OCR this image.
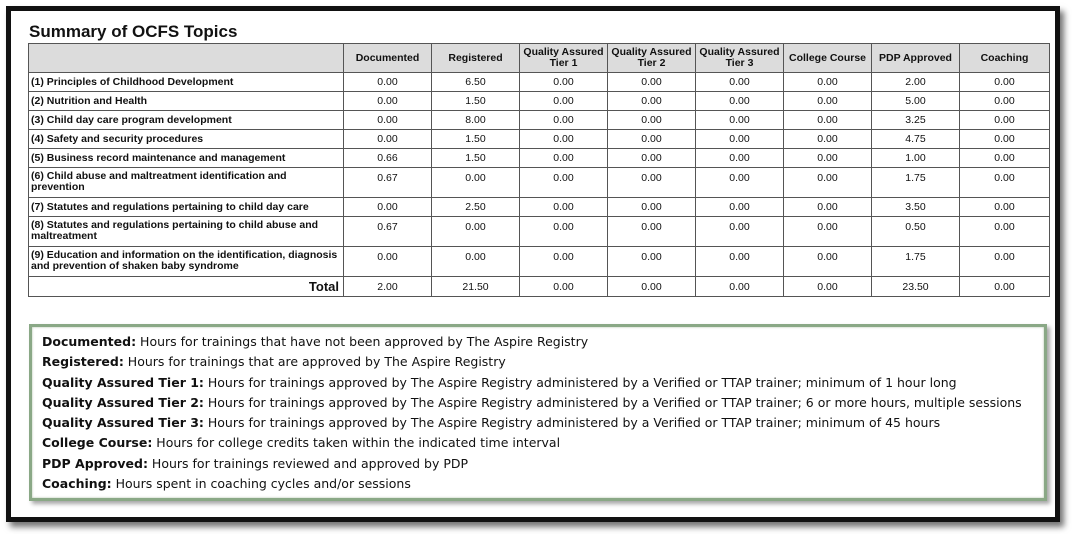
Summary of OCFS Topics
	Documented	Registered	Quality Assured Tier 1	Quality Assured Tier 2	Quality Assured Tier 3	College Course	PDP Approved	Coaching
(1) Principles of Childhood Development	0.00	6.50	0.00	0.00	0.00	0.00	2.00	0.00
(2) Nutrition and Health	0.00	1.50	0.00	0.00	0.00	0.00	5.00	0.00
(3) Child day care program development	0.00	8.00	0.00	0.00	0.00	0.00	3.25	0.00
(4) Safety and security procedures	0.00	1.50	0.00	0.00	0.00	0.00	4.75	0.00
(5) Business record maintenance and management	0.66	1.50	0.00	0.00	0.00	0.00	1.00	0.00
(6) Child abuse and maltreatment identification and prevention	0.67	0.00	0.00	0.00	0.00	0.00	1.75	0.00
(7) Statutes and regulations pertaining to child day care	0.00	2.50	0.00	0.00	0.00	0.00	3.50	0.00
(8) Statutes and regulations pertaining to child abuse and maltreatment	0.67	0.00	0.00	0.00	0.00	0.00	0.50	0.00
(9) Education and information on the identification, diagnosis and prevention of shaken baby syndrome	0.00	0.00	0.00	0.00	0.00	0.00	1.75	0.00
Total	2.00	21.50	0.00	0.00	0.00	0.00	23.50	0.00
Documented: Hours for trainings that have not been approved by The Aspire Registry
Registered: Hours for trainings that are approved by The Aspire Registry
Quality Assured Tier 1: Hours for trainings approved by The Aspire Registry administered by a Verified or TTAP trainer; minimum of 1 hour long
Quality Assured Tier 2: Hours for trainings approved by The Aspire Registry administered by a Verified or TTAP trainer; 6 or more hours, multiple sessions
Quality Assured Tier 3: Hours for trainings approved by The Aspire Registry administered by a Verified or TTAP trainer; minimum of 45 hours
College Course: Hours for college credits taken within the indicated time interval
PDP Approved: Hours for trainings reviewed and approved by PDP
Coaching: Hours spent in coaching cycles and/or sessions
